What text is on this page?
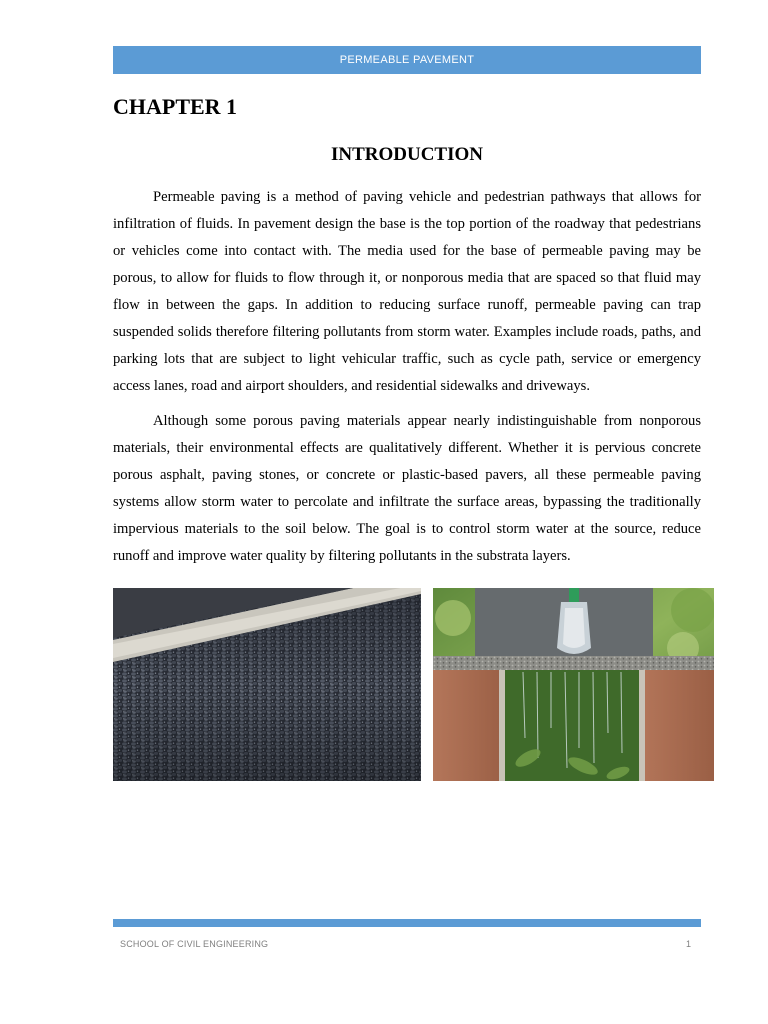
PERMEABLE PAVEMENT
CHAPTER 1
INTRODUCTION

Permeable paving is a method of paving vehicle and pedestrian pathways that allows for infiltration of fluids. In pavement design the base is the top portion of the roadway that pedestrians or vehicles come into contact with. The media used for the base of permeable paving may be porous, to allow for fluids to flow through it, or nonporous media that are spaced so that fluid may flow in between the gaps. In addition to reducing surface runoff, permeable paving can trap suspended solids therefore filtering pollutants from storm water. Examples include roads, paths, and parking lots that are subject to light vehicular traffic, such as cycle path, service or emergency access lanes, road and airport shoulders, and residential sidewalks and driveways.

Although some porous paving materials appear nearly indistinguishable from nonporous materials, their environmental effects are qualitatively different. Whether it is pervious concrete porous asphalt, paving stones, or concrete or plastic-based pavers, all these permeable paving systems allow storm water to percolate and infiltrate the surface areas, bypassing the traditionally impervious materials to the soil below. The goal is to control storm water at the source, reduce runoff and improve water quality by filtering pollutants in the substrata layers.

SCHOOL OF CIVIL ENGINEERING	1
